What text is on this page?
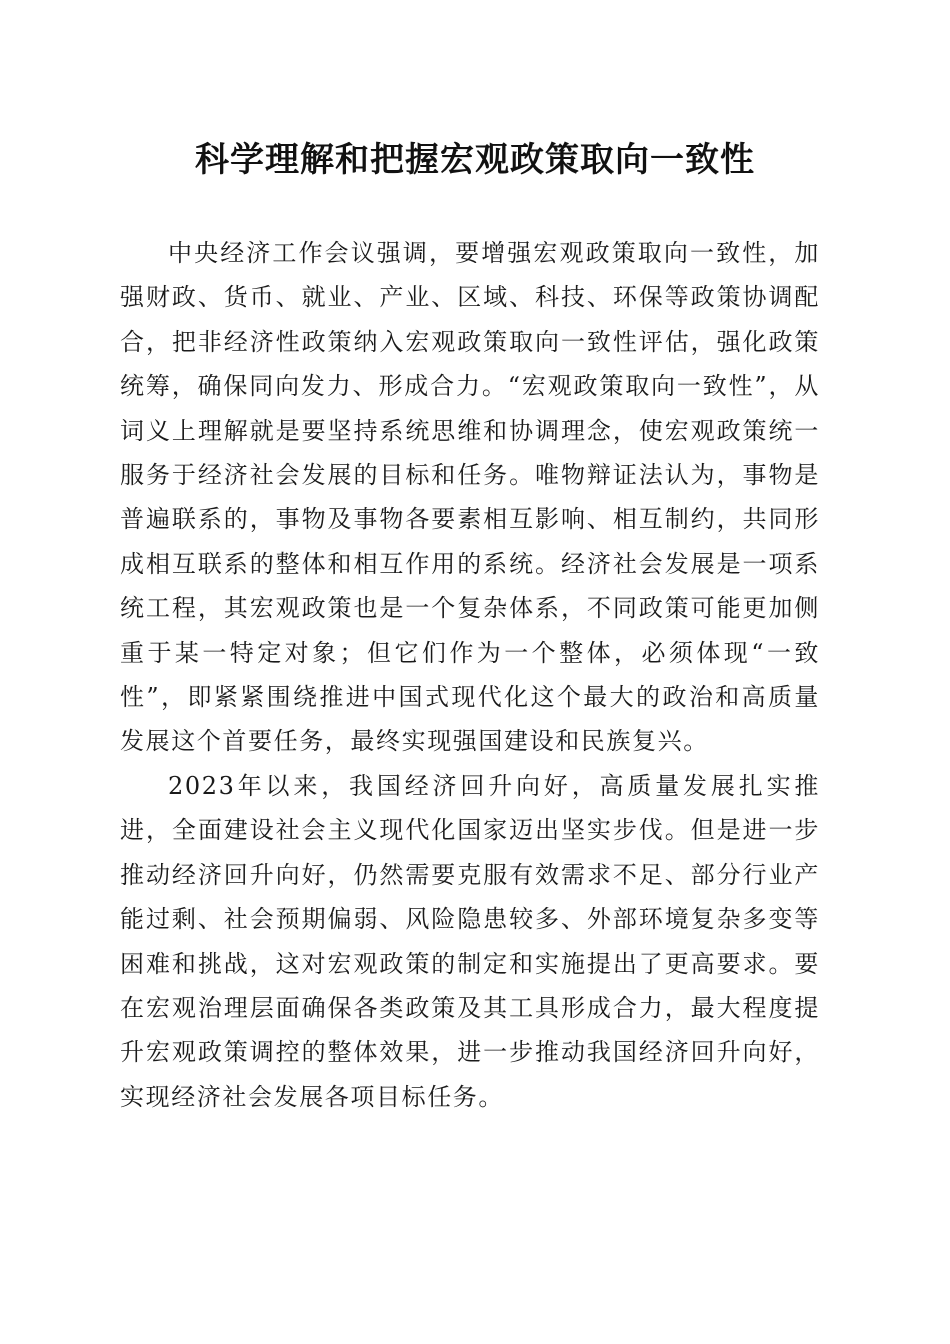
科学理解和把握宏观政策取向一致性

中央经济工作会议强调，要增强宏观政策取向一致性，加强财政、货币、就业、产业、区域、科技、环保等政策协调配合，把非经济性政策纳入宏观政策取向一致性评估，强化政策统筹，确保同向发力、形成合力。“宏观政策取向一致性”，从词义上理解就是要坚持系统思维和协调理念，使宏观政策统一服务于经济社会发展的目标和任务。唯物辩证法认为，事物是普遍联系的，事物及事物各要素相互影响、相互制约，共同形成相互联系的整体和相互作用的系统。经济社会发展是一项系统工程，其宏观政策也是一个复杂体系，不同政策可能更加侧重于某一特定对象；但它们作为一个整体，必须体现“一致性”，即紧紧围绕推进中国式现代化这个最大的政治和高质量发展这个首要任务，最终实现强国建设和民族复兴。

2023年以来，我国经济回升向好，高质量发展扎实推进，全面建设社会主义现代化国家迈出坚实步伐。但是进一步推动经济回升向好，仍然需要克服有效需求不足、部分行业产能过剩、社会预期偏弱、风险隐患较多、外部环境复杂多变等困难和挑战，这对宏观政策的制定和实施提出了更高要求。要在宏观治理层面确保各类政策及其工具形成合力，最大程度提升宏观政策调控的整体效果，进一步推动我国经济回升向好，实现经济社会发展各项目标任务。
